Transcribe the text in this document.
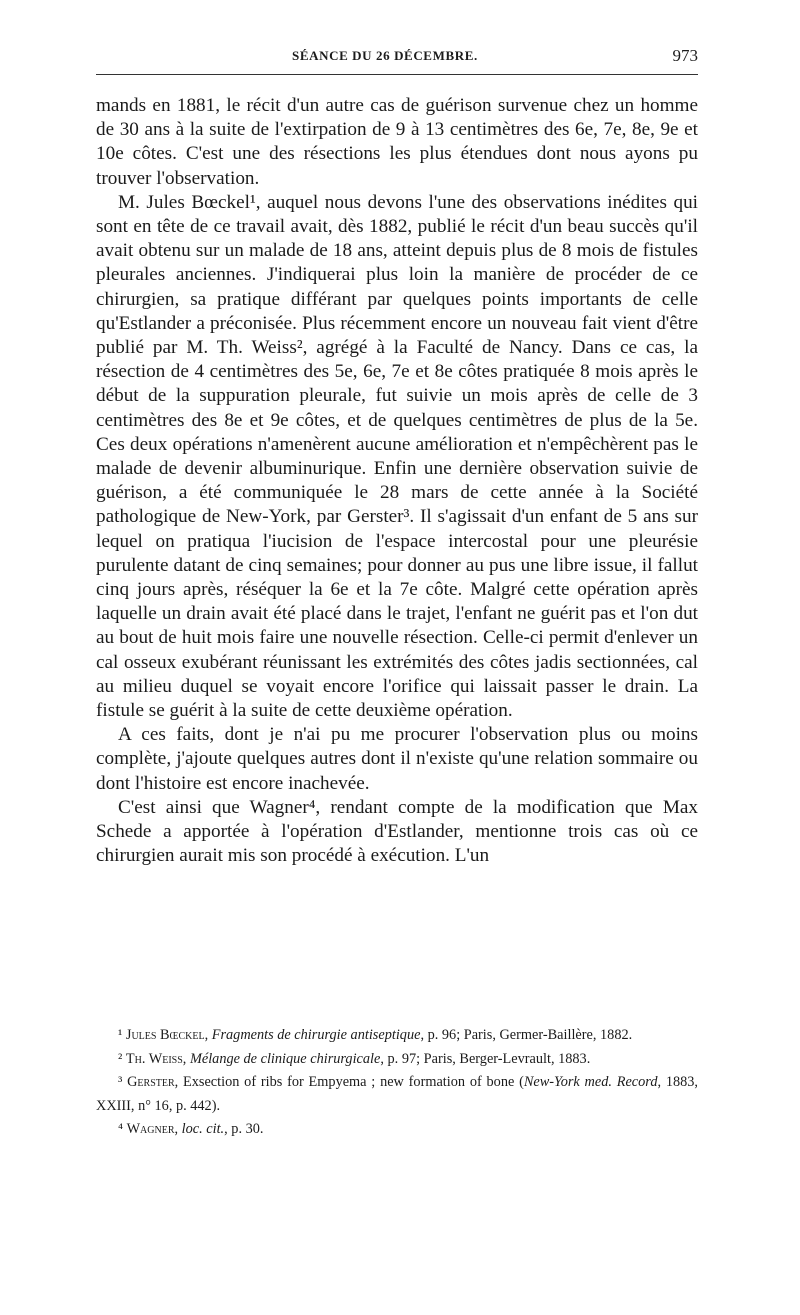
SÉANCE DU 26 DÉCEMBRE.	973

mands en 1881, le récit d'un autre cas de guérison survenue chez un homme de 30 ans à la suite de l'extirpation de 9 à 13 centimètres des 6e, 7e, 8e, 9e et 10e côtes. C'est une des résections les plus étendues dont nous ayons pu trouver l'observation.

M. Jules Bœckel¹, auquel nous devons l'une des observations inédites qui sont en tête de ce travail avait, dès 1882, publié le récit d'un beau succès qu'il avait obtenu sur un malade de 18 ans, atteint depuis plus de 8 mois de fistules pleurales anciennes. J'indiquerai plus loin la manière de procéder de ce chirurgien, sa pratique différant par quelques points importants de celle qu'Estlander a préconisée. Plus récemment encore un nouveau fait vient d'être publié par M. Th. Weiss², agrégé à la Faculté de Nancy. Dans ce cas, la résection de 4 centimètres des 5e, 6e, 7e et 8e côtes pratiquée 8 mois après le début de la suppuration pleurale, fut suivie un mois après de celle de 3 centimètres des 8e et 9e côtes, et de quelques centimètres de plus de la 5e. Ces deux opérations n'amenèrent aucune amélioration et n'empêchèrent pas le malade de devenir albuminurique. Enfin une dernière observation suivie de guérison, a été communiquée le 28 mars de cette année à la Société pathologique de New-York, par Gerster³. Il s'agissait d'un enfant de 5 ans sur lequel on pratiqua l'iucision de l'espace intercostal pour une pleurésie purulente datant de cinq semaines; pour donner au pus une libre issue, il fallut cinq jours après, réséquer la 6e et la 7e côte. Malgré cette opération après laquelle un drain avait été placé dans le trajet, l'enfant ne guérit pas et l'on dut au bout de huit mois faire une nouvelle résection. Celle-ci permit d'enlever un cal osseux exubérant réunissant les extrémités des côtes jadis sectionnées, cal au milieu duquel se voyait encore l'orifice qui laissait passer le drain. La fistule se guérit à la suite de cette deuxième opération.

A ces faits, dont je n'ai pu me procurer l'observation plus ou moins complète, j'ajoute quelques autres dont il n'existe qu'une relation sommaire ou dont l'histoire est encore inachevée.

C'est ainsi que Wagner⁴, rendant compte de la modification que Max Schede a apportée à l'opération d'Estlander, mentionne trois cas où ce chirurgien aurait mis son procédé à exécution. L'un

¹ Jules Bœckel, Fragments de chirurgie antiseptique, p. 96; Paris, Germer-Baillère, 1882.

² Th. Weiss, Mélange de clinique chirurgicale, p. 97; Paris, Berger-Levrault, 1883.

³ Gerster, Exsection of ribs for Empyema ; new formation of bone (New-York med. Record, 1883, XXIII, n° 16, p. 442).

⁴ Wagner, loc. cit., p. 30.
